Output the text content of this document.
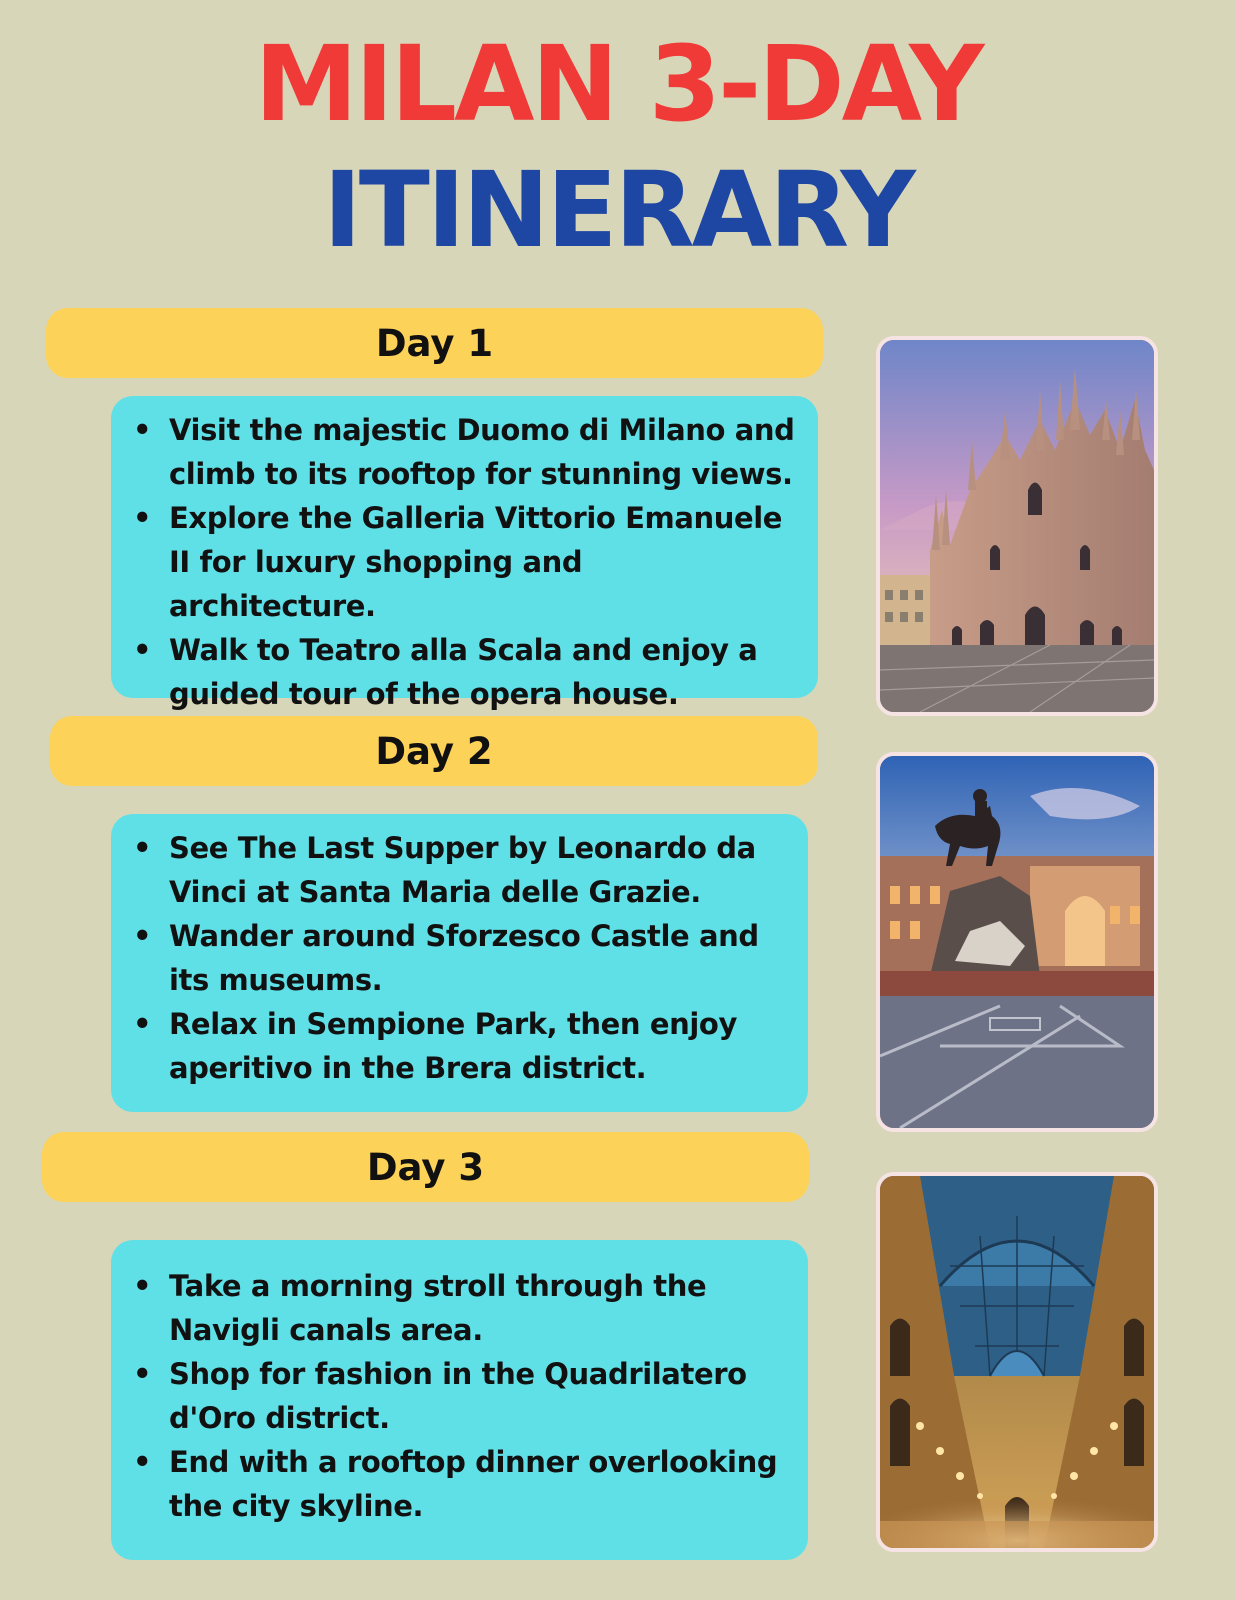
MILAN 3-DAY
ITINERARY
Day 1
• Visit the majestic Duomo di Milano and climb to its rooftop for stunning views.
• Explore the Galleria Vittorio Emanuele II for luxury shopping and architecture.
• Walk to Teatro alla Scala and enjoy a guided tour of the opera house.
Day 2
• See The Last Supper by Leonardo da Vinci at Santa Maria delle Grazie.
• Wander around Sforzesco Castle and its museums.
• Relax in Sempione Park, then enjoy aperitivo in the Brera district.
Day 3
• Take a morning stroll through the Navigli canals area.
• Shop for fashion in the Quadrilatero d'Oro district.
• End with a rooftop dinner overlooking the city skyline.
